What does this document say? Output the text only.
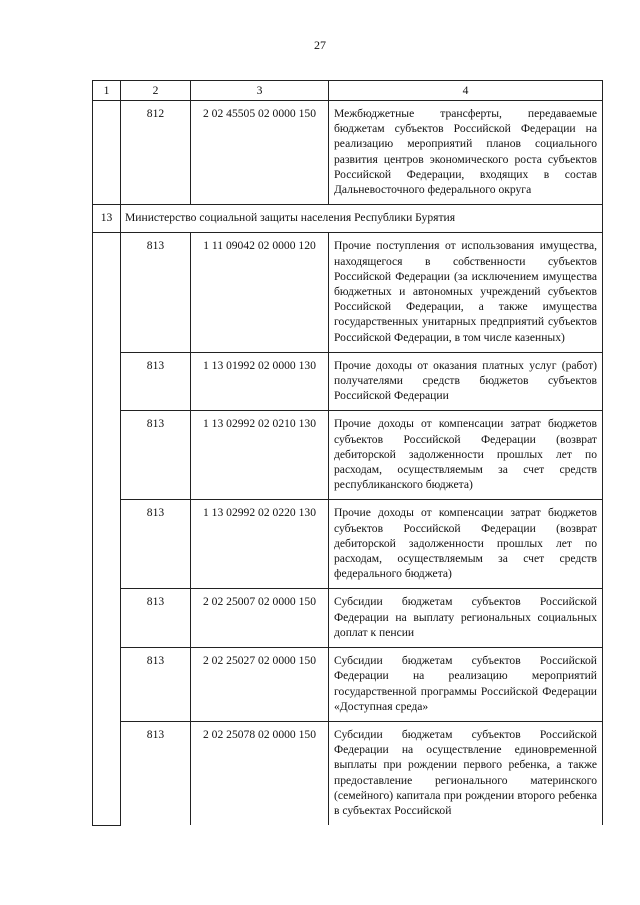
27
1	2	3	4
	812	2 02 45505 02 0000 150	Межбюджетные трансферты, передаваемые бюджетам субъектов Российской Федерации на реализацию мероприятий планов социального развития центров экономического роста субъектов Российской Федерации, входящих в состав Дальневосточного федерального округа
13	Министерство социальной защиты населения Республики Бурятия		
	813	1 11 09042 02 0000 120	Прочие поступления от использования имущества, находящегося в собственности субъектов Российской Федерации (за исключением имущества бюджетных и автономных учреждений субъектов Российской Федерации, а также имущества государственных унитарных предприятий субъектов Российской Федерации, в том числе казенных)
	813	1 13 01992 02 0000 130	Прочие доходы от оказания платных услуг (работ) получателями средств бюджетов субъектов Российской Федерации
	813	1 13 02992 02 0210 130	Прочие доходы от компенсации затрат бюджетов субъектов Российской Федерации (возврат дебиторской задолженности прошлых лет по расходам, осуществляемым за счет средств республиканского бюджета)
	813	1 13 02992 02 0220 130	Прочие доходы от компенсации затрат бюджетов субъектов Российской Федерации (возврат дебиторской задолженности прошлых лет по расходам, осуществляемым за счет средств федерального бюджета)
	813	2 02 25007 02 0000 150	Субсидии бюджетам субъектов Российской Федерации на выплату региональных социальных доплат к пенсии
	813	2 02 25027 02 0000 150	Субсидии бюджетам субъектов Российской Федерации на реализацию мероприятий государственной программы Российской Федерации «Доступная среда»
	813	2 02 25078 02 0000 150	Субсидии бюджетам субъектов Российской Федерации на осуществление единовременной выплаты при рождении первого ребенка, а также предоставление регионального материнского (семейного) капитала при рождении второго ребенка в субъектах Российской
